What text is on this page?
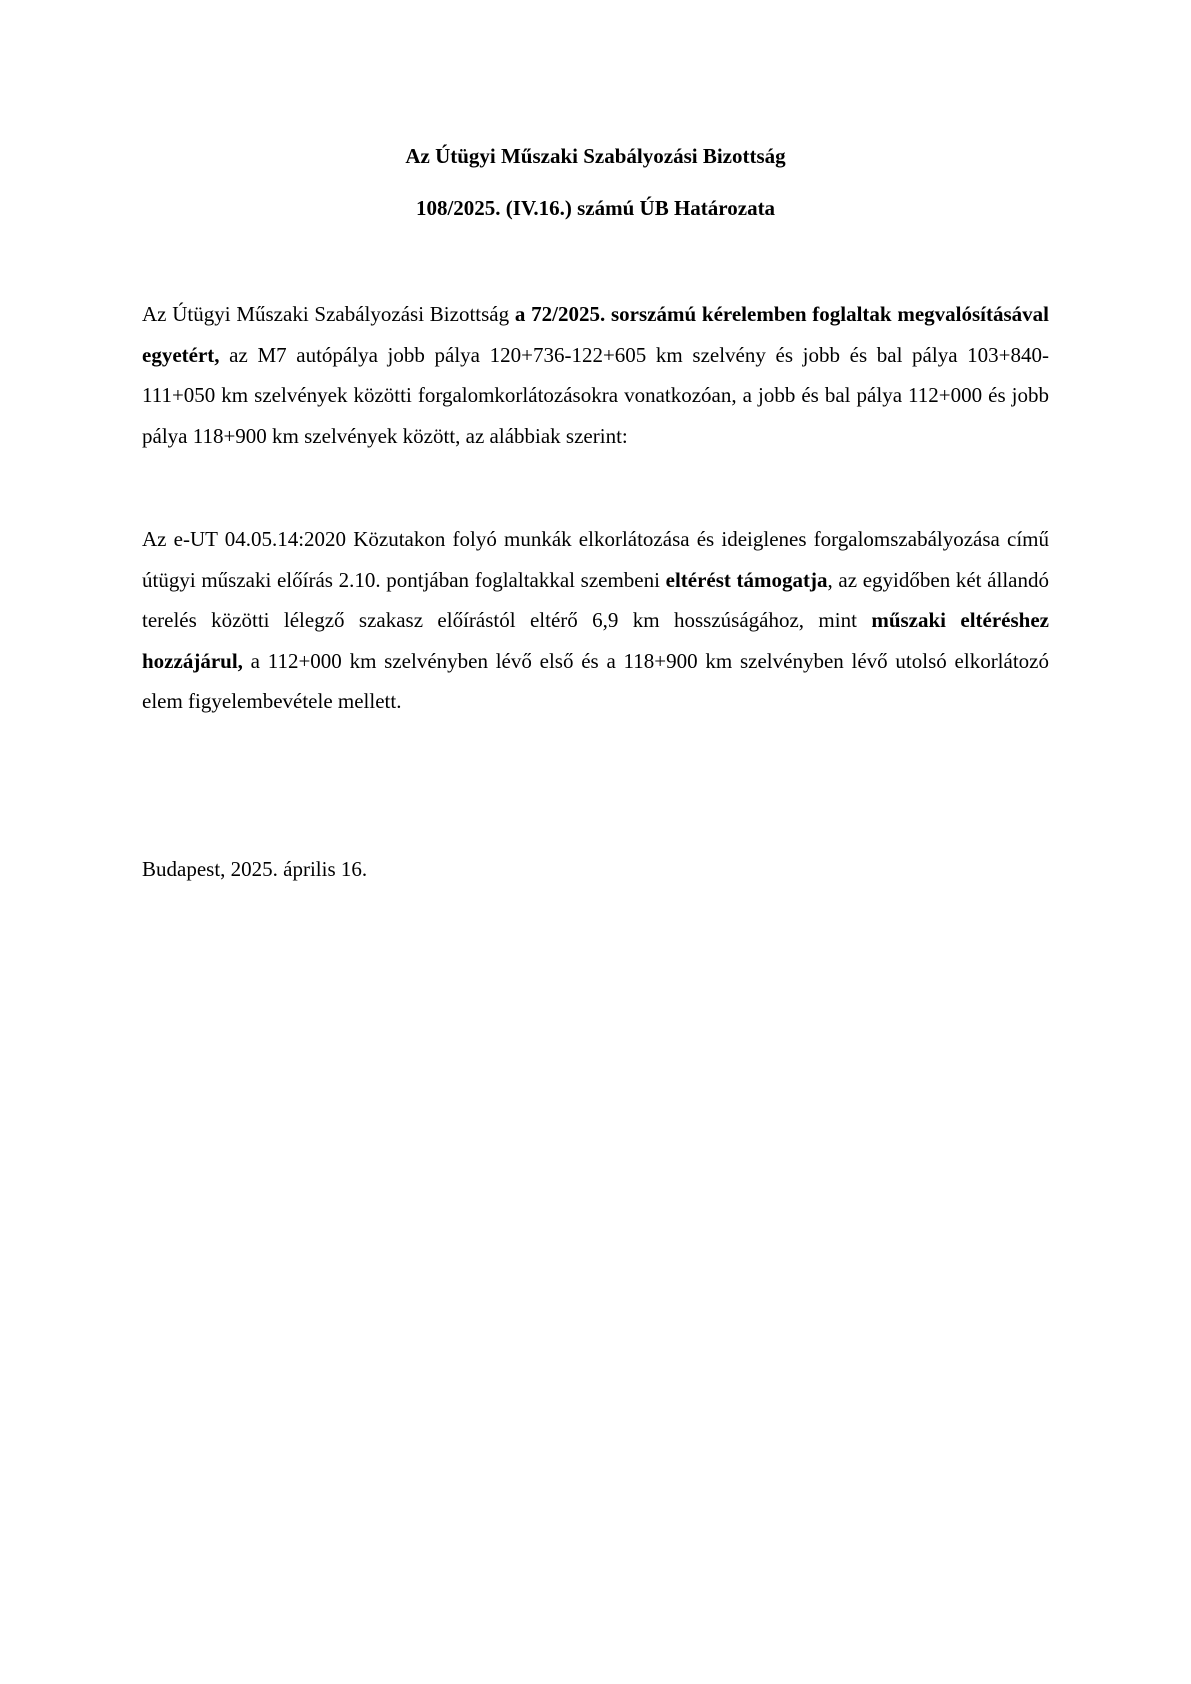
Az Útügyi Műszaki Szabályozási Bizottság
108/2025. (IV.16.) számú ÚB Határozata

Az Útügyi Műszaki Szabályozási Bizottság a 72/2025. sorszámú kérelemben foglaltak megvalósításával egyetért, az M7 autópálya jobb pálya 120+736-122+605 km szelvény és jobb és bal pálya 103+840-111+050 km szelvények közötti forgalomkorlátozásokra vonatkozóan, a jobb és bal pálya 112+000 és jobb pálya 118+900 km szelvények között, az alábbiak szerint:

Az e-UT 04.05.14:2020 Közutakon folyó munkák elkorlátozása és ideiglenes forgalomszabályozása című útügyi műszaki előírás 2.10. pontjában foglaltakkal szembeni eltérést támogatja, az egyidőben két állandó terelés közötti lélegző szakasz előírástól eltérő 6,9 km hosszúságához, mint műszaki eltéréshez hozzájárul, a 112+000 km szelvényben lévő első és a 118+900 km szelvényben lévő utolsó elkorlátozó elem figyelembevétele mellett.

Budapest, 2025. április 16.
